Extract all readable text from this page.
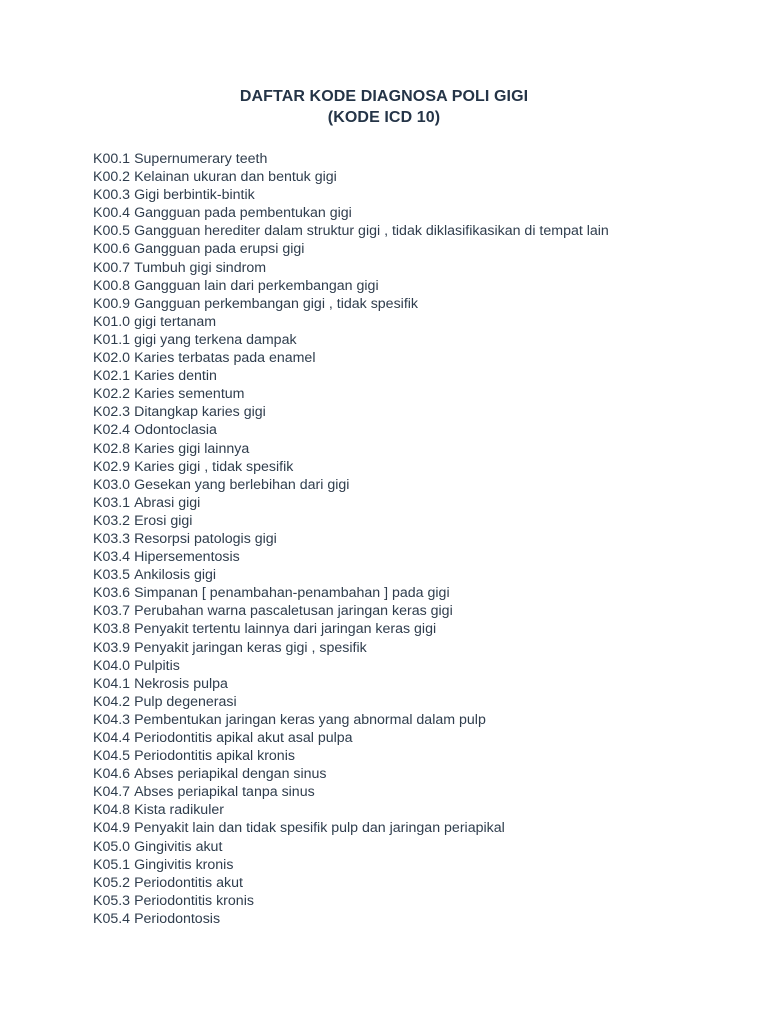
DAFTAR KODE DIAGNOSA POLI GIGI
(KODE ICD 10)
K00.1 Supernumerary teeth
K00.2 Kelainan ukuran dan bentuk gigi
K00.3 Gigi berbintik-bintik
K00.4 Gangguan pada pembentukan gigi
K00.5 Gangguan herediter dalam struktur gigi , tidak diklasifikasikan di tempat lain
K00.6 Gangguan pada erupsi gigi
K00.7 Tumbuh gigi sindrom
K00.8 Gangguan lain dari perkembangan gigi
K00.9 Gangguan perkembangan gigi , tidak spesifik
K01.0 gigi tertanam
K01.1 gigi yang terkena dampak
K02.0 Karies terbatas pada enamel
K02.1 Karies dentin
K02.2 Karies sementum
K02.3 Ditangkap karies gigi
K02.4 Odontoclasia
K02.8 Karies gigi lainnya
K02.9 Karies gigi , tidak spesifik
K03.0 Gesekan yang berlebihan dari gigi
K03.1 Abrasi gigi
K03.2 Erosi gigi
K03.3 Resorpsi patologis gigi
K03.4 Hipersementosis
K03.5 Ankilosis gigi
K03.6 Simpanan [ penambahan-penambahan ] pada gigi
K03.7 Perubahan warna pascaletusan jaringan keras gigi
K03.8 Penyakit tertentu lainnya dari jaringan keras gigi
K03.9 Penyakit jaringan keras gigi , spesifik
K04.0 Pulpitis
K04.1 Nekrosis pulpa
K04.2 Pulp degenerasi
K04.3 Pembentukan jaringan keras yang abnormal dalam pulp
K04.4 Periodontitis apikal akut asal pulpa
K04.5 Periodontitis apikal kronis
K04.6 Abses periapikal dengan sinus
K04.7 Abses periapikal tanpa sinus
K04.8 Kista radikuler
K04.9 Penyakit lain dan tidak spesifik pulp dan jaringan periapikal
K05.0 Gingivitis akut
K05.1 Gingivitis kronis
K05.2 Periodontitis akut
K05.3 Periodontitis kronis
K05.4 Periodontosis
